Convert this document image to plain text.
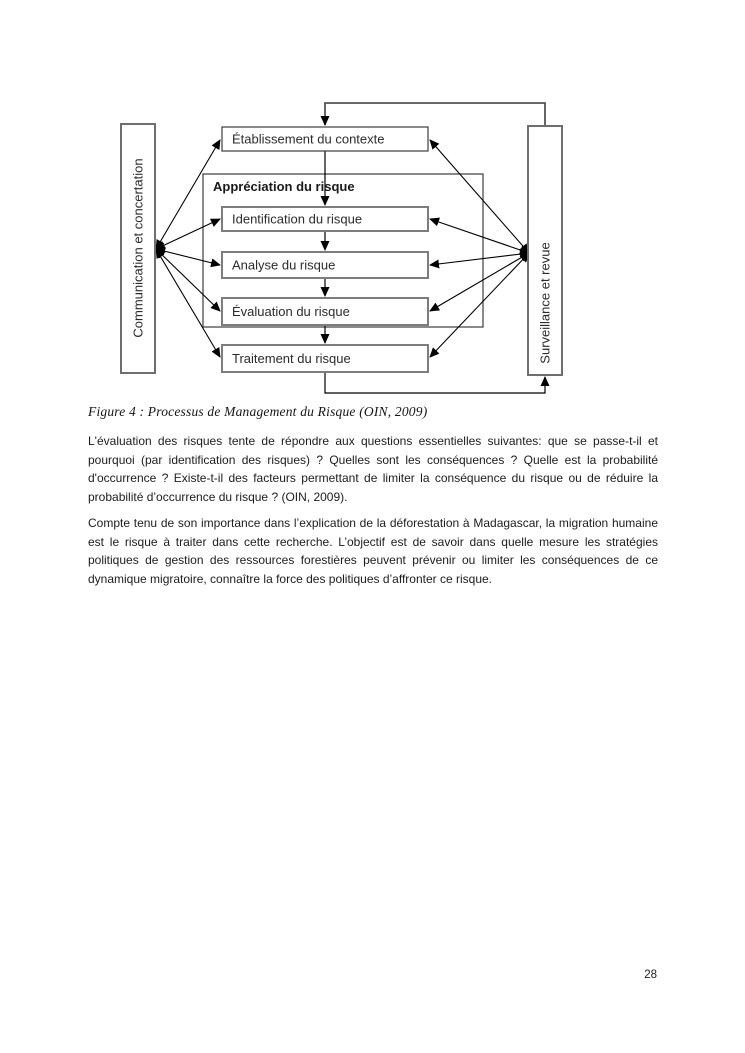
Appréciation du risque
Établissement du contexte
Identification du risque
Analyse du risque
Évaluation du risque
Traitement du risque
Communication et concertation	Surveillance et revue
Figure 4 : Processus de Management du Risque (OIN, 2009)

L'évaluation des risques tente de répondre aux questions essentielles suivantes: que se passe-t-il et pourquoi (par identification des risques) ? Quelles sont les conséquences ? Quelle est la probabilité d'occurrence ? Existe-t-il des facteurs permettant de limiter la conséquence du risque ou de réduire la probabilité d’occurrence du risque ? (OIN, 2009).

Compte tenu de son importance dans l’explication de la déforestation à Madagascar, la migration humaine est le risque à traiter dans cette recherche. L’objectif est de savoir dans quelle mesure les stratégies politiques de gestion des ressources forestières peuvent prévenir ou limiter les conséquences de ce dynamique migratoire, connaître la force des politiques d’affronter ce risque.

28
